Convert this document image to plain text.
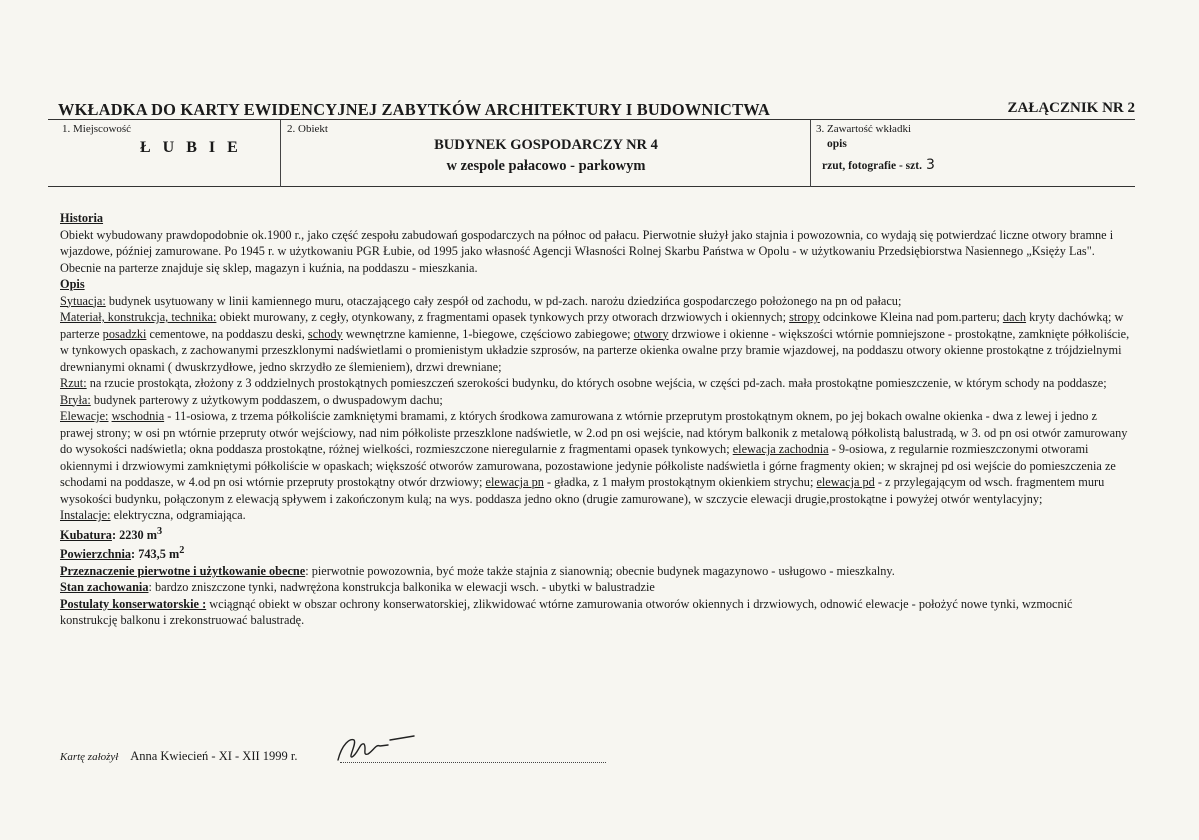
WKŁADKA DO KARTY EWIDENCYJNEJ ZABYTKÓW ARCHITEKTURY I BUDOWNICTWA	ZAŁĄCZNIK NR 2
1. Miejscowość
Ł U B I E
2. Obiekt
BUDYNEK GOSPODARCZY NR 4
w zespole pałacowo - parkowym
3. Zawartość wkładki
opis
rzut, fotografie - szt. 3

Historia

Obiekt wybudowany prawdopodobnie ok.1900 r., jako część zespołu zabudowań gospodarczych na północ od pałacu. Pierwotnie służył jako stajnia i powozownia, co wydają się potwierdzać liczne otwory bramne i wjazdowe, później zamurowane. Po 1945 r. w użytkowaniu PGR Łubie, od 1995 jako własność Agencji Własności Rolnej Skarbu Państwa w Opolu - w użytkowaniu Przedsiębiorstwa Nasiennego „Księży Las". Obecnie na parterze znajduje się sklep, magazyn i kuźnia, na poddaszu - mieszkania.

Opis

Sytuacja: budynek usytuowany w linii kamiennego muru, otaczającego cały zespół od zachodu, w pd-zach. narożu dziedzińca gospodarczego położonego na pn od pałacu;

Materiał, konstrukcja, technika: obiekt murowany, z cegły, otynkowany, z fragmentami opasek tynkowych przy otworach drzwiowych i okiennych; stropy odcinkowe Kleina nad pom.parteru; dach kryty dachówką; w parterze posadzki cementowe, na poddaszu deski, schody wewnętrzne kamienne, 1-biegowe, częściowo zabiegowe; otwory drzwiowe i okienne - większości wtórnie pomniejszone - prostokątne, zamknięte półkoliście, w tynkowych opaskach, z zachowanymi przeszklonymi nadświetlami o promienistym układzie szprosów, na parterze okienka owalne przy bramie wjazdowej, na poddaszu otwory okienne prostokątne z trójdzielnymi drewnianymi oknami ( dwuskrzydłowe, jedno skrzydło ze ślemieniem), drzwi drewniane;

Rzut: na rzucie prostokąta, złożony z 3 oddzielnych prostokątnych pomieszczeń szerokości budynku, do których osobne wejścia, w części pd-zach. mała prostokątne pomieszczenie, w którym schody na poddasze;

Bryła: budynek parterowy z użytkowym poddaszem, o dwuspadowym dachu;

Elewacje: wschodnia - 11-osiowa, z trzema półkoliście zamkniętymi bramami, z których środkowa zamurowana z wtórnie przeprutym prostokątnym oknem, po jej bokach owalne okienka - dwa z lewej i jedno z prawej strony; w osi pn wtórnie przepruty otwór wejściowy, nad nim półkoliste przeszklone nadświetle, w 2.od pn osi wejście, nad którym balkonik z metalową półkolistą balustradą, w 3. od pn osi otwór zamurowany do wysokości nadświetla; okna poddasza prostokątne, różnej wielkości, rozmieszczone nieregularnie z fragmentami opasek tynkowych; elewacja zachodnia - 9-osiowa, z regularnie rozmieszczonymi otworami okiennymi i drzwiowymi zamkniętymi półkoliście w opaskach; większość otworów zamurowana, pozostawione jedynie półkoliste nadświetla i górne fragmenty okien; w skrajnej pd osi wejście do pomieszczenia ze schodami na poddasze, w 4.od pn osi wtórnie przepruty prostokątny otwór drzwiowy; elewacja pn - gładka, z 1 małym prostokątnym okienkiem strychu; elewacja pd - z przylegającym od wsch. fragmentem muru wysokości budynku, połączonym z elewacją spływem i zakończonym kulą; na wys. poddasza jedno okno (drugie zamurowane), w szczycie elewacji drugie,prostokątne i powyżej otwór wentylacyjny;

Instalacje: elektryczna, odgramiająca.

Kubatura: 2230 $m^3$

Powierzchnia: 743,5 $m^2$

Przeznaczenie pierwotne i użytkowanie obecne: pierwotnie powozownia, być może także stajnia z sianownią; obecnie budynek magazynowo - usługowo - mieszkalny.

Stan zachowania: bardzo zniszczone tynki, nadwrężona konstrukcja balkonika w elewacji wsch. - ubytki w balustradzie

Postulaty konserwatorskie : wciągnąć obiekt w obszar ochrony konserwatorskiej, zlikwidować wtórne zamurowania otworów okiennych i drzwiowych, odnowić elewacje - położyć nowe tynki, wzmocnić konstrukcję balkonu i zrekonstruować balustradę.

Kartę założył Anna Kwiecień - XI - XII 1999 r.
